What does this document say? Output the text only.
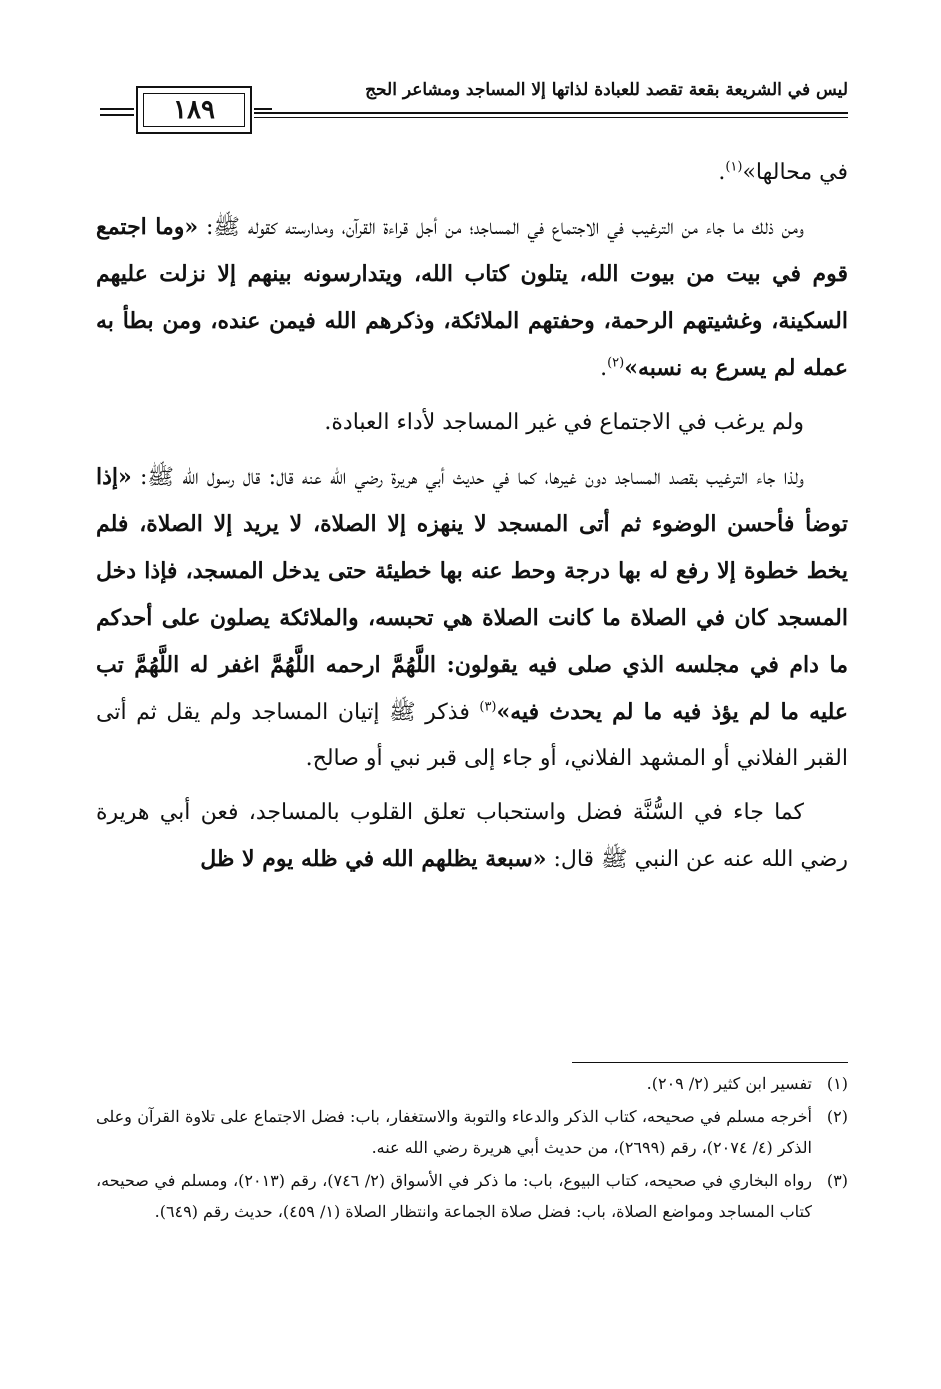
١٨٩
ليس في الشريعة بقعة تقصد للعبادة لذاتها إلا المساجد ومشاعر الحج

في محالها»$^{(١)}$.

ومن ذلك ما جاء من الترغيب في الاجتماع في المساجد؛ من أجل قراءة القرآن، ومدارسته كقوله ﷺ: «وما اجتمع قوم في بيت من بيوت الله، يتلون كتاب الله، ويتدارسونه بينهم إلا نزلت عليهم السكينة، وغشيتهم الرحمة، وحفتهم الملائكة، وذكرهم الله فيمن عنده، ومن بطأ به عمله لم يسرع به نسبه»$^{(٢)}$.

ولم يرغب في الاجتماع في غير المساجد لأداء العبادة.

ولذا جاء الترغيب بقصد المساجد دون غيرها، كما في حديث أبي هريرة رضي الله عنه قال: قال رسول الله ﷺ: «إذا توضأ فأحسن الوضوء ثم أتى المسجد لا ينهزه إلا الصلاة، لا يريد إلا الصلاة، فلم يخط خطوة إلا رفع له بها درجة وحط عنه بها خطيئة حتى يدخل المسجد، فإذا دخل المسجد كان في الصلاة ما كانت الصلاة هي تحبسه، والملائكة يصلون على أحدكم ما دام في مجلسه الذي صلى فيه يقولون: اللَّهُمَّ ارحمه اللَّهُمَّ اغفر له اللَّهُمَّ تب عليه ما لم يؤذ فيه ما لم يحدث فيه»$^{(٣)}$ فذكر ﷺ إتيان المساجد ولم يقل ثم أتى القبر الفلاني أو المشهد الفلاني، أو جاء إلى قبر نبي أو صالح.

كما جاء في السُّنَّة فضل واستحباب تعلق القلوب بالمساجد، فعن أبي هريرة رضي الله عنه عن النبي ﷺ قال: «سبعة يظلهم الله في ظله يوم لا ظل

(١)
تفسير ابن كثير (٢/ ٢٠٩).
(٢)
أخرجه مسلم في صحيحه، كتاب الذكر والدعاء والتوبة والاستغفار، باب: فضل الاجتماع على تلاوة القرآن وعلى الذكر (٤/ ٢٠٧٤)، رقم (٢٦٩٩)، من حديث أبي هريرة رضي الله عنه.
(٣)
رواه البخاري في صحيحه، كتاب البيوع، باب: ما ذكر في الأسواق (٢/ ٧٤٦)، رقم (٢٠١٣)، ومسلم في صحيحه، كتاب المساجد ومواضع الصلاة، باب: فضل صلاة الجماعة وانتظار الصلاة (١/ ٤٥٩)، حديث رقم (٦٤٩).
